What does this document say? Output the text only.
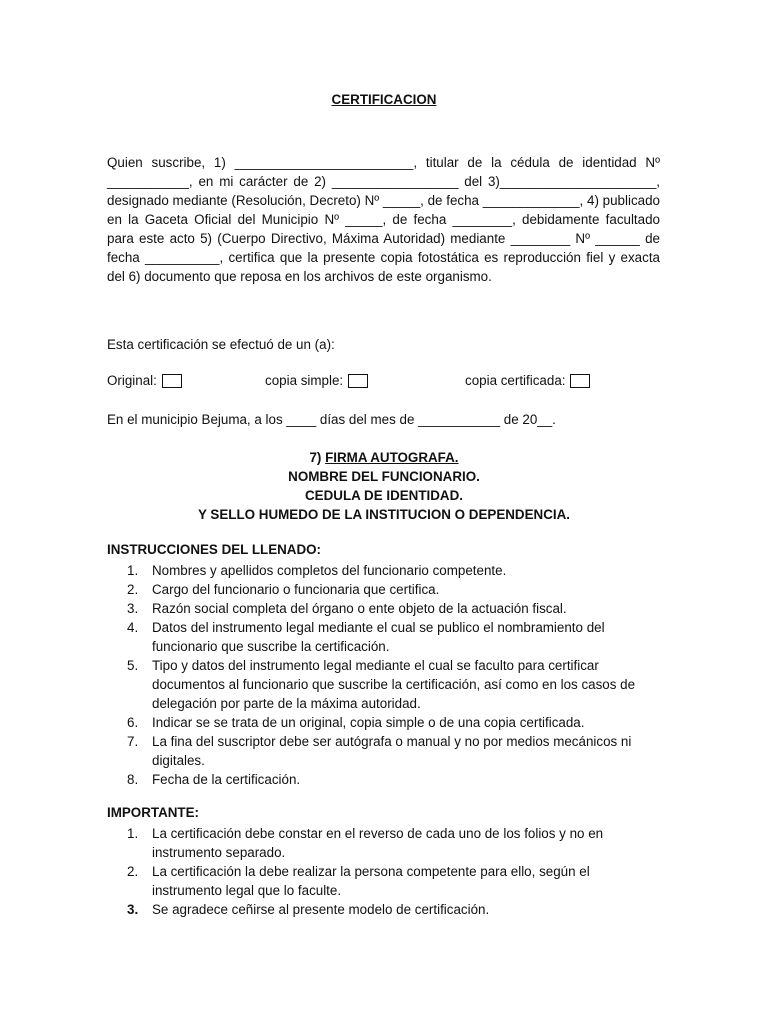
CERTIFICACION

Quien suscribe, 1) ________________________, titular de la cédula de identidad Nº ___________, en mi carácter de 2) _________________ del 3)_____________________, designado mediante (Resolución, Decreto) Nº _____, de fecha _____________, 4) publicado en la Gaceta Oficial del Municipio Nº _____, de fecha ________, debidamente facultado para este acto 5) (Cuerpo Directivo, Máxima Autoridad) mediante ________ Nº ______ de fecha __________, certifica que la presente copia fotostática es reproducción fiel y exacta del 6) documento que reposa en los archivos de este organismo.

Esta certificación se efectuó de un (a):

Original:	copia simple:	copia certificada:

En el municipio Bejuma, a los ____ días del mes de ___________ de 20__.

7) FIRMA AUTOGRAFA.
NOMBRE DEL FUNCIONARIO.
CEDULA DE IDENTIDAD.
Y SELLO HUMEDO DE LA INSTITUCION O DEPENDENCIA.

INSTRUCCIONES DEL LLENADO:

1. Nombres y apellidos completos del funcionario competente.
2. Cargo del funcionario o funcionaria que certifica.
3. Razón social completa del órgano o ente objeto de la actuación fiscal.
4. Datos del instrumento legal mediante el cual se publico el nombramiento del funcionario que suscribe la certificación.
5. Tipo y datos del instrumento legal mediante el cual se faculto para certificar documentos al funcionario que suscribe la certificación, así como en los casos de delegación por parte de la máxima autoridad.
6. Indicar se se trata de un original, copia simple o de una copia certificada.
7. La fina del suscriptor debe ser autógrafa o manual y no por medios mecánicos ni digitales.
8. Fecha de la certificación.

IMPORTANTE:

1. La certificación debe constar en el reverso de cada uno de los folios y no en instrumento separado.
2. La certificación la debe realizar la persona competente para ello, según el instrumento legal que lo faculte.
3. Se agradece ceñirse al presente modelo de certificación.
